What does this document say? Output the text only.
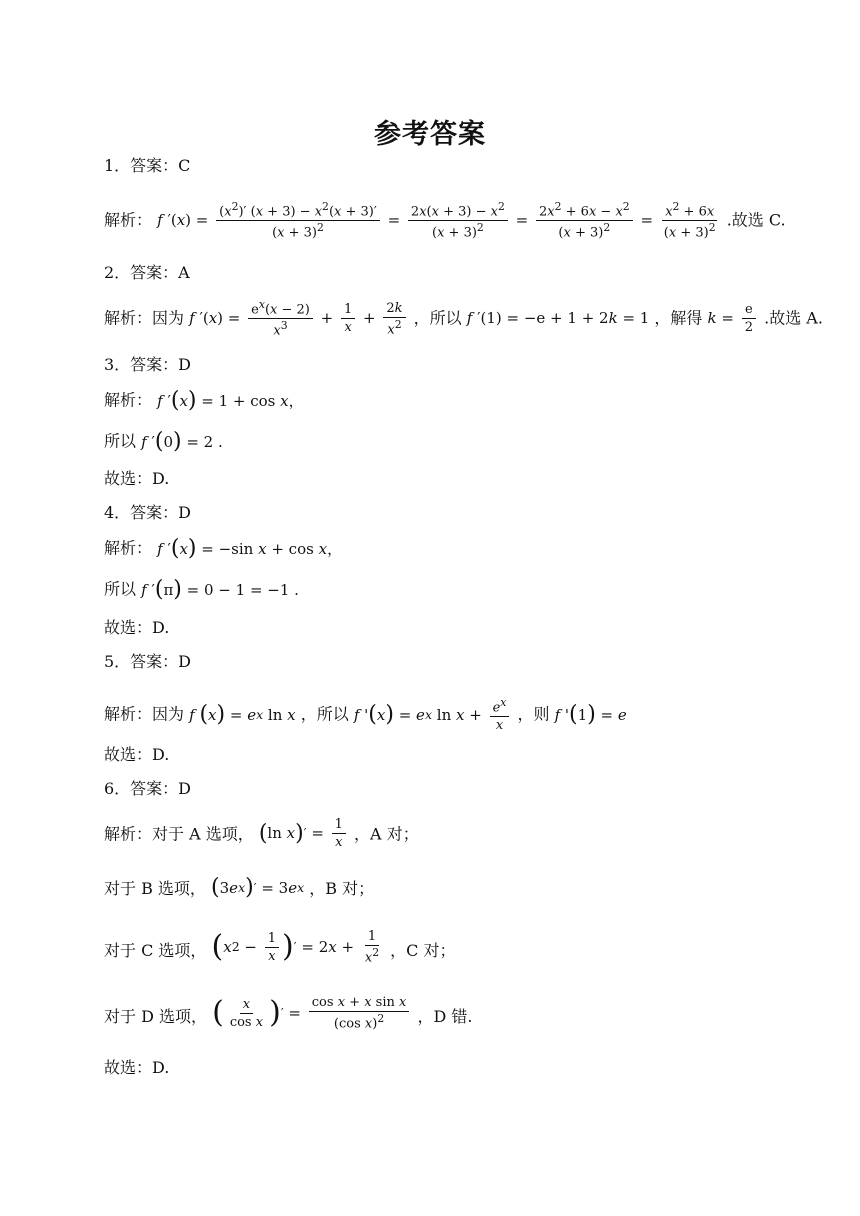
参考答案
1．答案：C
解析： f ′( x ) = $\frac{(x^2)' (x + 3) - x^2(x + 3)'}{(x + 3)^2} = \frac{2x(x + 3) - x^2}{(x + 3)^2} = \frac{2x^2 + 6x - x^2}{(x + 3)^2} = \frac{x^2 + 6x}{(x + 3)^2}$ .故选 C.
2．答案：A
解析：因为 f ′( x ) = $\frac{e^x(x - 2)}{x^3} + \frac{1}{x} + \frac{2k}{x^2}$ ，所以 f ′(1) = −e + 1 + 2 k = 1 ，解得 $k = \frac{e}{2}$ .故选 A.
3．答案：D
解析： f ′ ( x ) = 1 + cos x ，
所以 f ′ ( 0 ) = 2 .
故选：D.
4．答案：D
解析： f ′ ( x ) = −sin x + cos x ，
所以 f ′ ( π ) = 0 − 1 = −1 .
故选：D.
5．答案：D
解析：因为 f ( x ) = e x ln x ，所以 f ' ( x ) = e x $\ln x + \frac{e^x}{x}$ ，则 f ' ( 1 ) = e
故选：D.
6．答案：D
解析：对于 A 选项， ( ln x ) ′ = $\frac{1}{x}$ ，A 对；
对于 B 选项， ( 3 e x ) ′ = 3 e x ，B 对；
对于 C 选项， ( x $2 - \frac{1}{x}$ ) ′ = 2 $x + \frac{1}{x^2}$ ，C 对；
对于 D 选项， ( $\frac{x}{\text{cos x}}$ ) ′ = $\frac{\text{cos x + x sin x}}{(\cos x)^2}$ ，D 错.
故选：D.
